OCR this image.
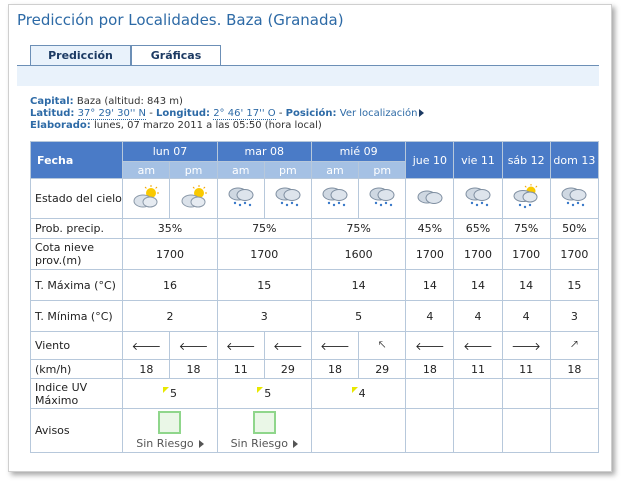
Predicción por Localidades. Baza (Granada)
Predicción	Gráficas
Capital: Baza (altitud: 843 m)
Latitud: 37° 29' 30'' N - Longitud: 2° 46' 17'' O - Posición: Ver localización
Elaborado: lunes, 07 marzo 2011 a las 05:50 (hora local)
Fecha	lun 07		mar 08		mié 09		jue 10	vie 11	sáb 12	dom 13
	am	pm	am	pm	am	pm				
Estado del cielo										
Prob. precip.	35%		75%		75%		45%	65%	75%	50%
Cota nieve prov.(m)	1700		1700		1600		1700	1700	1700	1700
T. Máxima (°C)	16		15		14		14	14	14	15
T. Mínima (°C)	2		3		5		4	4	4	3
Viento	🡐	🡐	🡐	🡐	🡐	🡔	🡐	🡐	🡒	🡕
(km/h)	18	18	11	29	18	29	18	11	11	18
Indice UV Máximo	5		5		4					
Avisos	Sin Riesgo		Sin Riesgo							
